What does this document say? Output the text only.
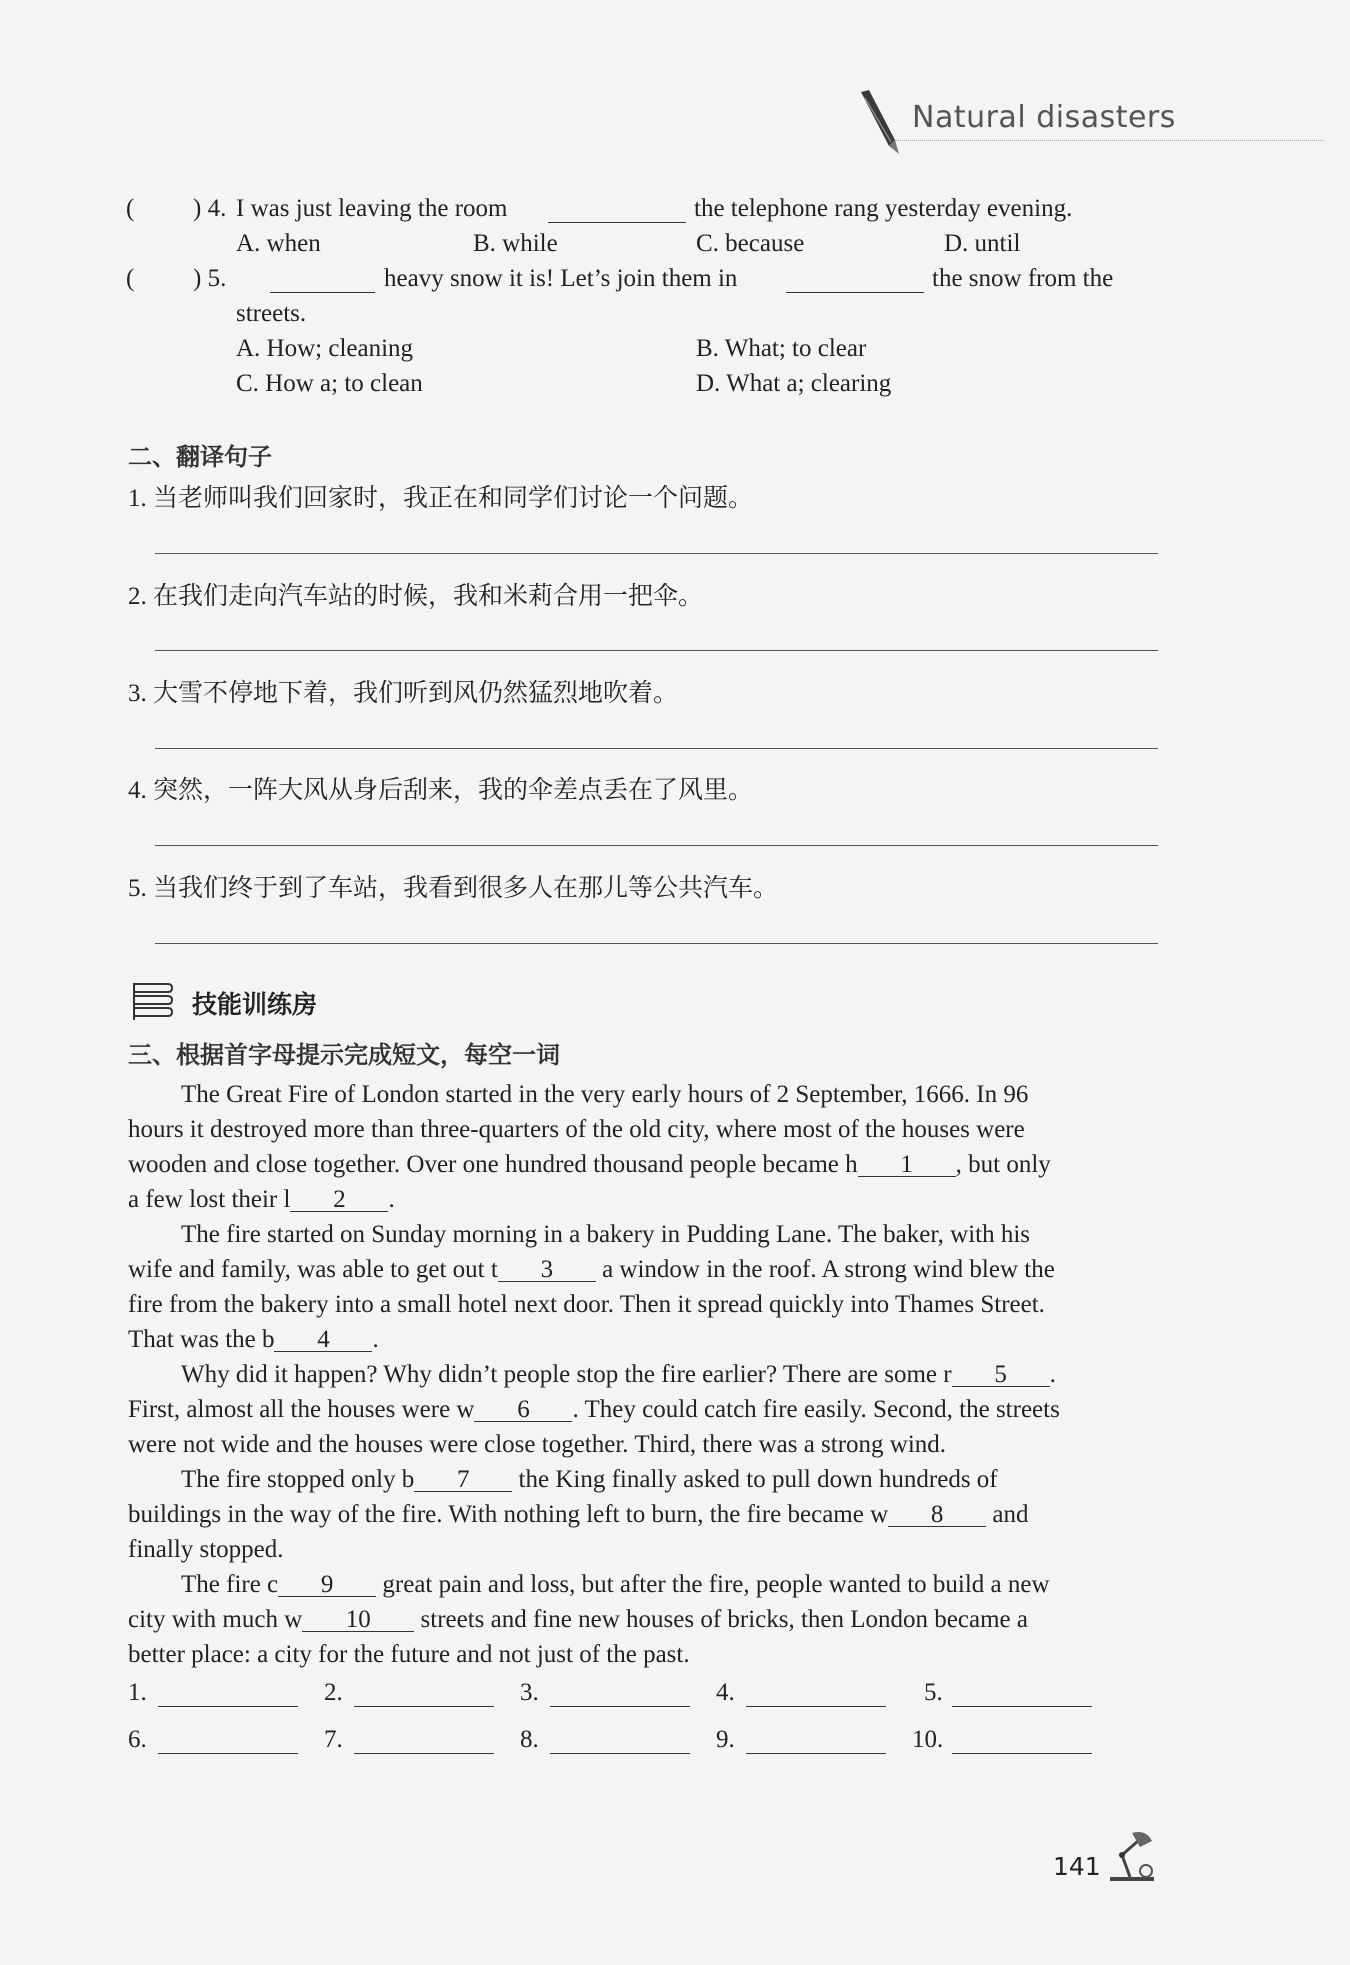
Natural disasters
( ) 4. I was just leaving the room	the telephone rang yesterday evening.
A. when	B. while	C. because	D. until
( ) 5.	heavy snow it is! Let’s join them in	the snow from the
streets.
A. How; cleaning	B. What; to clear
C. How a; to clean	D. What a; clearing
二、翻译句子
1. 当老师叫我们回家时，我正在和同学们讨论一个问题。
2. 在我们走向汽车站的时候，我和米莉合用一把伞。
3. 大雪不停地下着，我们听到风仍然猛烈地吹着。
4. 突然，一阵大风从身后刮来，我的伞差点丢在了风里。
5. 当我们终于到了车站，我看到很多人在那儿等公共汽车。
技能训练房
三、根据首字母提示完成短文，每空一词
The Great Fire of London started in the very early hours of 2 September, 1666. In 96
hours it destroyed more than three-quarters of the old city, where most of the houses were
wooden and close together. Over one hundred thousand people became h 1 , but only
a few lost their l 2 .
The fire started on Sunday morning in a bakery in Pudding Lane. The baker, with his
wife and family, was able to get out t 3 a window in the roof. A strong wind blew the
fire from the bakery into a small hotel next door. Then it spread quickly into Thames Street.
That was the b 4 .
Why did it happen? Why didn’t people stop the fire earlier? There are some r 5 .
First, almost all the houses were w 6 . They could catch fire easily. Second, the streets
were not wide and the houses were close together. Third, there was a strong wind.
The fire stopped only b 7 the King finally asked to pull down hundreds of
buildings in the way of the fire. With nothing left to burn, the fire became w 8 and
finally stopped.
The fire c 9 great pain and loss, but after the fire, people wanted to build a new
city with much w 10 streets and fine new houses of bricks, then London became a
better place: a city for the future and not just of the past.
1.	2.	3.	4.	5.
6.	7.	8.	9.	10.
141
